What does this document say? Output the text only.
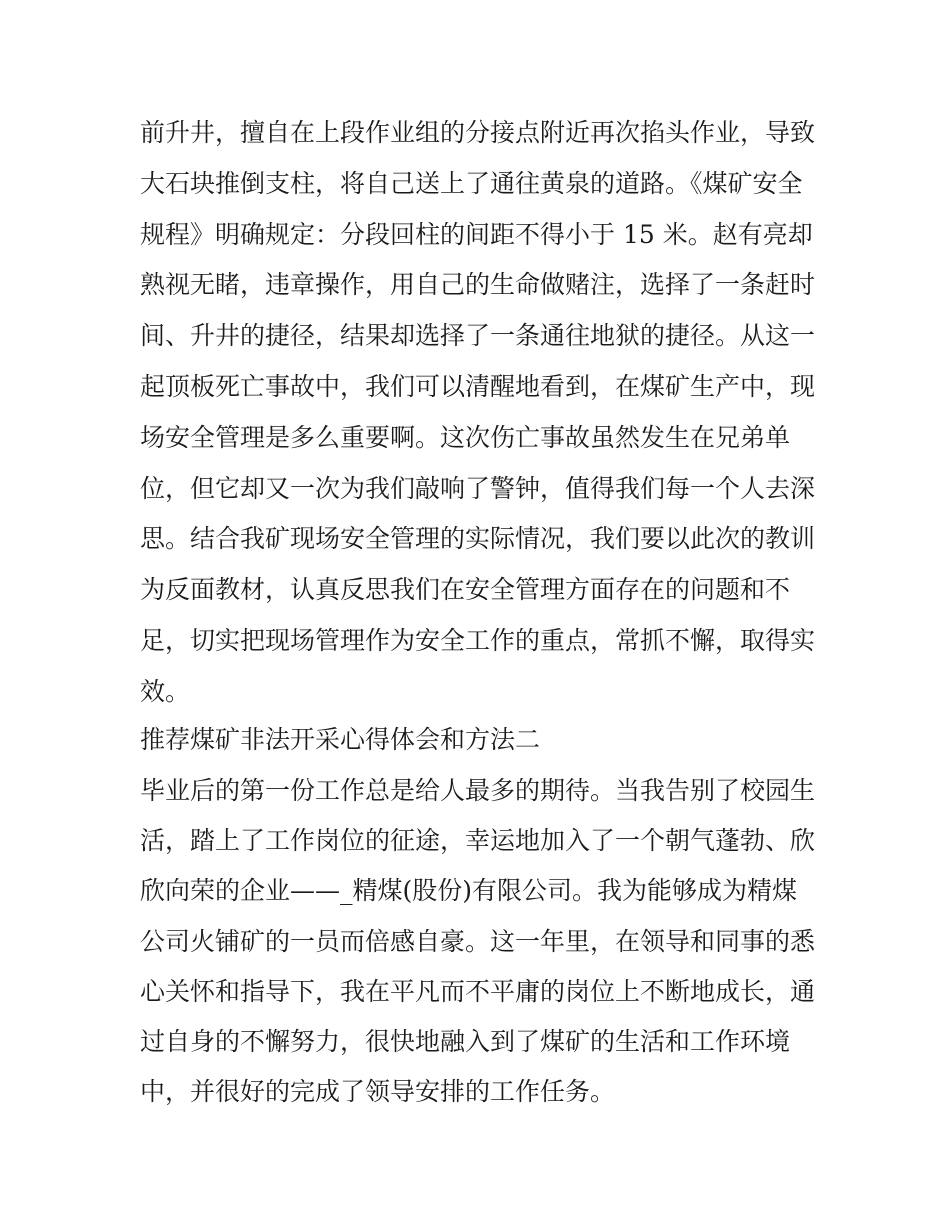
前升井，擅自在上段作业组的分接点附近再次掐头作业，导致
大石块推倒支柱，将自己送上了通往黄泉的道路。《煤矿安全
规程》明确规定：分段回柱的间距不得小于 15 米。赵有亮却
熟视无睹，违章操作，用自己的生命做赌注，选择了一条赶时
间、升井的捷径，结果却选择了一条通往地狱的捷径。从这一
起顶板死亡事故中，我们可以清醒地看到，在煤矿生产中，现
场安全管理是多么重要啊。这次伤亡事故虽然发生在兄弟单
位，但它却又一次为我们敲响了警钟，值得我们每一个人去深
思。结合我矿现场安全管理的实际情况，我们要以此次的教训
为反面教材，认真反思我们在安全管理方面存在的问题和不
足，切实把现场管理作为安全工作的重点，常抓不懈，取得实
效。
推荐煤矿非法开采心得体会和方法二
毕业后的第一份工作总是给人最多的期待。当我告别了校园生
活，踏上了工作岗位的征途，幸运地加入了一个朝气蓬勃、欣
欣向荣的企业——_精煤(股份)有限公司。我为能够成为精煤
公司火铺矿的一员而倍感自豪。这一年里，在领导和同事的悉
心关怀和指导下，我在平凡而不平庸的岗位上不断地成长，通
过自身的不懈努力，很快地融入到了煤矿的生活和工作环境
中，并很好的完成了领导安排的工作任务。
